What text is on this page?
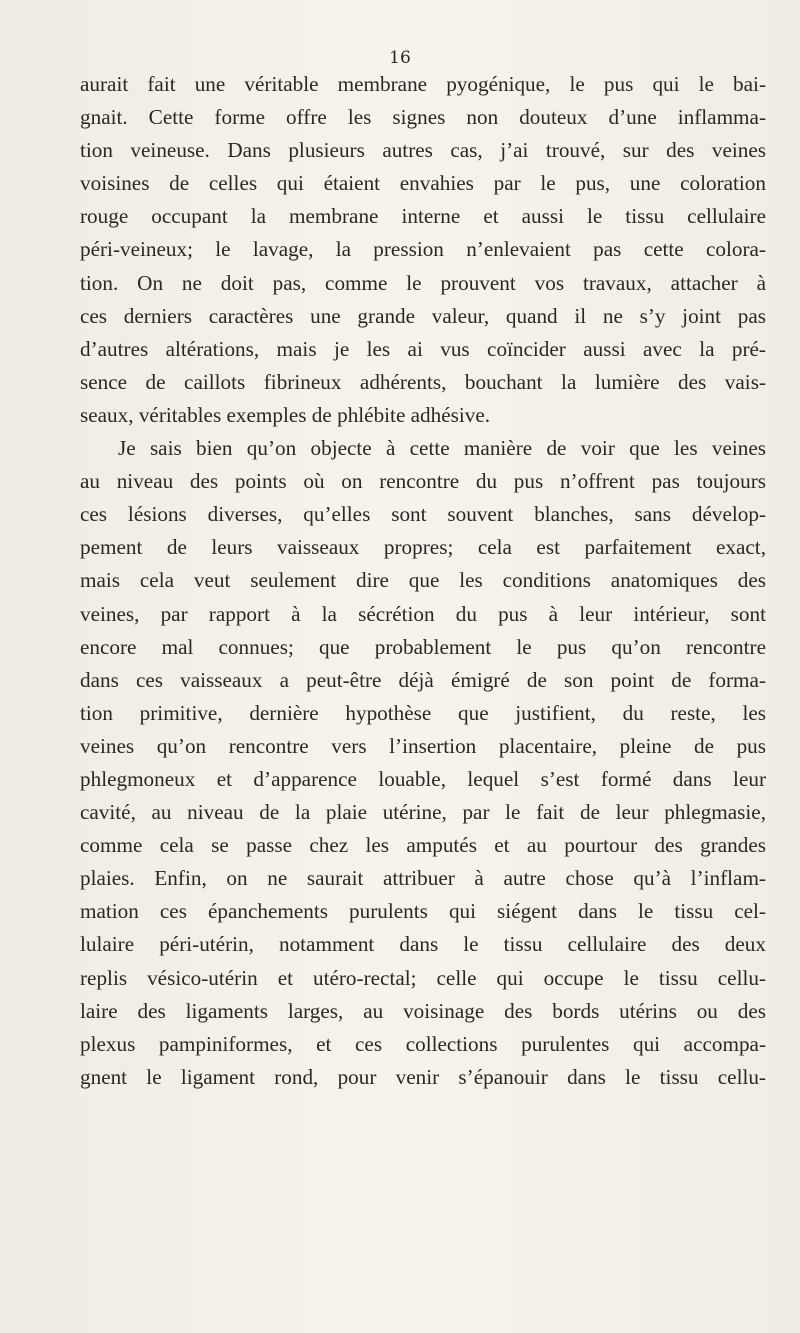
16
aurait fait une véritable membrane pyogénique, le pus qui le bai-
gnait. Cette forme offre les signes non douteux d’une inflamma-
tion veineuse. Dans plusieurs autres cas, j’ai trouvé, sur des veines
voisines de celles qui étaient envahies par le pus, une coloration
rouge occupant la membrane interne et aussi le tissu cellulaire
péri-veineux; le lavage, la pression n’enlevaient pas cette colora-
tion. On ne doit pas, comme le prouvent vos travaux, attacher à
ces derniers caractères une grande valeur, quand il ne s’y joint pas
d’autres altérations, mais je les ai vus coïncider aussi avec la pré-
sence de caillots fibrineux adhérents, bouchant la lumière des vais-
seaux, véritables exemples de phlébite adhésive.
Je sais bien qu’on objecte à cette manière de voir que les veines
au niveau des points où on rencontre du pus n’offrent pas toujours
ces lésions diverses, qu’elles sont souvent blanches, sans dévelop-
pement de leurs vaisseaux propres; cela est parfaitement exact,
mais cela veut seulement dire que les conditions anatomiques des
veines, par rapport à la sécrétion du pus à leur intérieur, sont
encore mal connues; que probablement le pus qu’on rencontre
dans ces vaisseaux a peut-être déjà émigré de son point de forma-
tion primitive, dernière hypothèse que justifient, du reste, les
veines qu’on rencontre vers l’insertion placentaire, pleine de pus
phlegmoneux et d’apparence louable, lequel s’est formé dans leur
cavité, au niveau de la plaie utérine, par le fait de leur phlegmasie,
comme cela se passe chez les amputés et au pourtour des grandes
plaies. Enfin, on ne saurait attribuer à autre chose qu’à l’inflam-
mation ces épanchements purulents qui siégent dans le tissu cel-
lulaire péri-utérin, notamment dans le tissu cellulaire des deux
replis vésico-utérin et utéro-rectal; celle qui occupe le tissu cellu-
laire des ligaments larges, au voisinage des bords utérins ou des
plexus pampiniformes, et ces collections purulentes qui accompa-
gnent le ligament rond, pour venir s’épanouir dans le tissu cellu-
